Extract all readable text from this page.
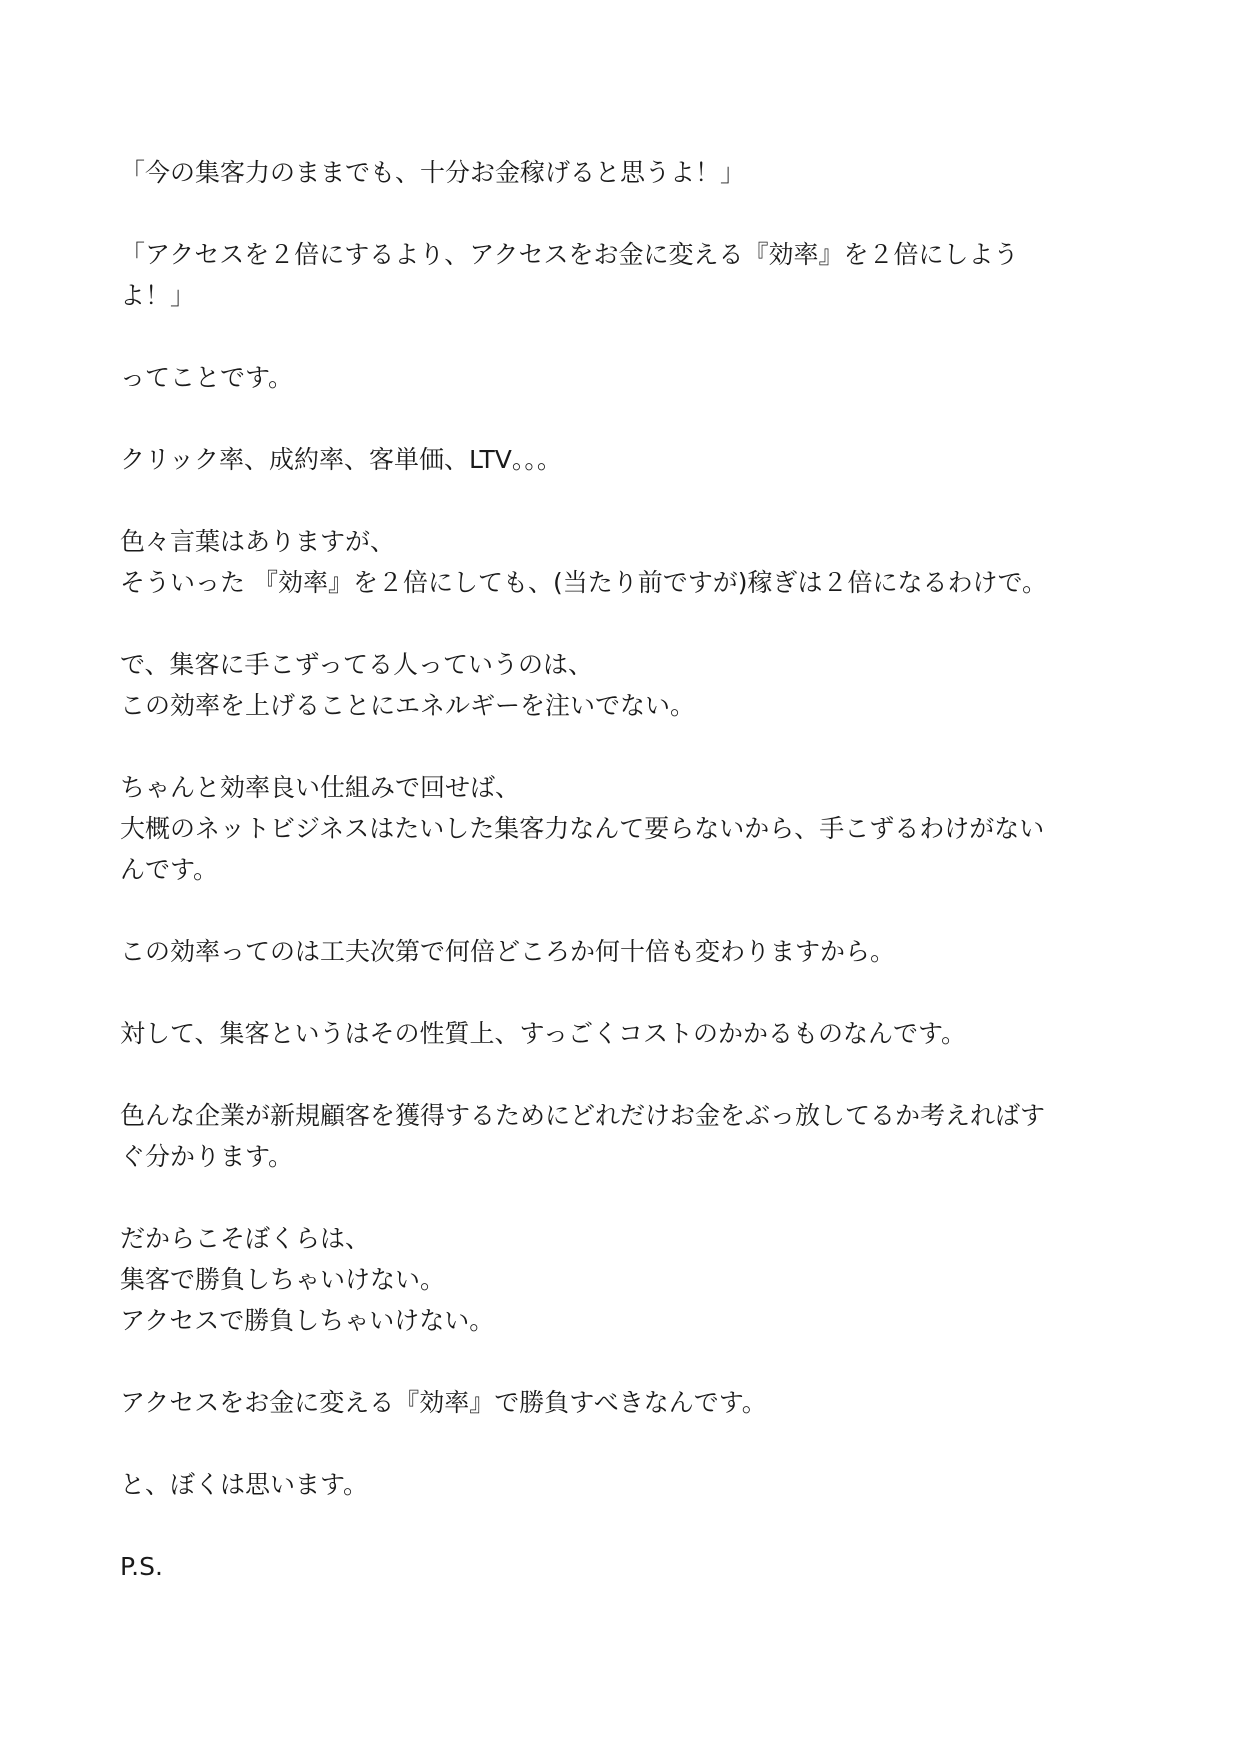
「今の集客力のままでも、十分お金稼げると思うよ！」
「アクセスを２倍にするより、アクセスをお金に変える『効率』を２倍にしよう
よ！」
ってことです。
クリック率、成約率、客単価、LTV。。。
色々言葉はありますが、
そういった 『効率』を２倍にしても、(当たり前ですが)稼ぎは２倍になるわけで。
で、集客に手こずってる人っていうのは、
この効率を上げることにエネルギーを注いでない。
ちゃんと効率良い仕組みで回せば、
大概のネットビジネスはたいした集客力なんて要らないから、手こずるわけがない
んです。
この効率ってのは工夫次第で何倍どころか何十倍も変わりますから。
対して、集客というはその性質上、すっごくコストのかかるものなんです。
色んな企業が新規顧客を獲得するためにどれだけお金をぶっ放してるか考えればす
ぐ分かります。
だからこそぼくらは、
集客で勝負しちゃいけない。
アクセスで勝負しちゃいけない。
アクセスをお金に変える『効率』で勝負すべきなんです。
と、ぼくは思います。
P.S.
